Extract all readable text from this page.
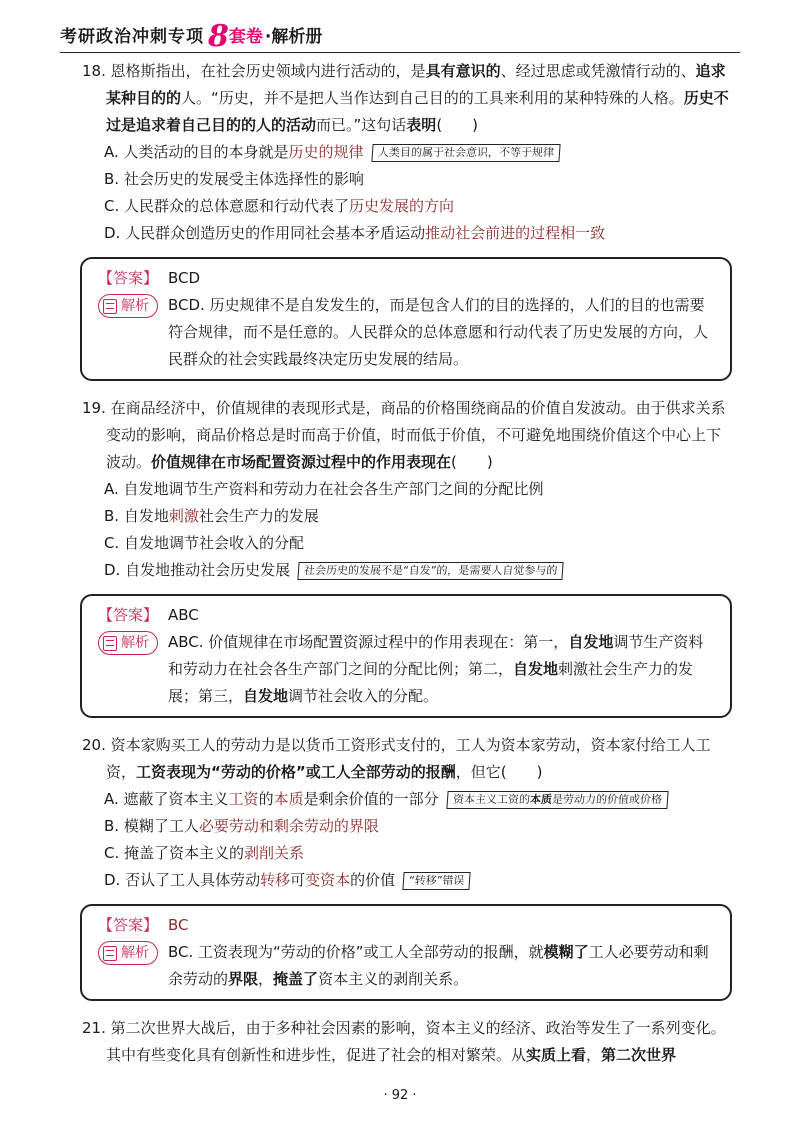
考研政治冲刺专项 8 套卷 ·解析册

18. 恩格斯指出，在社会历史领域内进行活动的，是具有意识的、经过思虑或凭激情行动的、追求某种目的的人。“历史，并不是把人当作达到自己目的的工具来利用的某种特殊的人格。历史不过是追求着自己目的的人的活动而已。”这句话表明(　　)

A. 人类活动的目的本身就是 历史的规律	人类目的属于社会意识，不等于规律

B. 社会历史的发展受主体选择性的影响

C. 人民群众的总体意愿和行动代表了 历史发展的方向

D. 人民群众创造历史的作用同社会基本矛盾运动 推动社会前进的过程相一致

【答案】 BCD
解析 BCD. 历史规律不是自发发生的，而是包含人们的目的选择的，人们的目的也需要符合规律，而不是任意的。人民群众的总体意愿和行动代表了历史发展的方向，人民群众的社会实践最终决定历史发展的结局。

19. 在商品经济中，价值规律的表现形式是，商品的价格围绕商品的价值自发波动。由于供求关系变动的影响，商品价格总是时而高于价值，时而低于价值，不可避免地围绕价值这个中心上下波动。价值规律在市场配置资源过程中的作用表现在(　　)

A. 自发地调节生产资料和劳动力在社会各生产部门之间的分配比例

B. 自发地 刺激 社会生产力的发展

C. 自发地调节社会收入的分配

D. 自发地推动社会历史发展	社会历史的发展不是“自发”的，是需要人自觉参与的

【答案】 ABC
解析 ABC. 价值规律在市场配置资源过程中的作用表现在：第一，自发地调节生产资料和劳动力在社会各生产部门之间的分配比例；第二，自发地刺激社会生产力的发展；第三，自发地调节社会收入的分配。

20. 资本家购买工人的劳动力是以货币工资形式支付的，工人为资本家劳动，资本家付给工人工资，工资表现为“劳动的价格”或工人全部劳动的报酬，但它(　　)

A. 遮蔽了资本主义 工资 的 本质 是剩余价值的一部分	资本主义工资的本质是劳动力的价值或价格

B. 模糊了工人 必要劳动和剩余劳动的界限

C. 掩盖了资本主义的 剥削关系

D. 否认了工人具体劳动 转移 可 变资本 的价值	“转移”错误

【答案】 BC
解析 BC. 工资表现为“劳动的价格”或工人全部劳动的报酬，就模糊了工人必要劳动和剩余劳动的界限，掩盖了资本主义的剥削关系。

21. 第二次世界大战后，由于多种社会因素的影响，资本主义的经济、政治等发生了一系列变化。其中有些变化具有创新性和进步性，促进了社会的相对繁荣。从实质上看，第二次世界

· 92 ·
